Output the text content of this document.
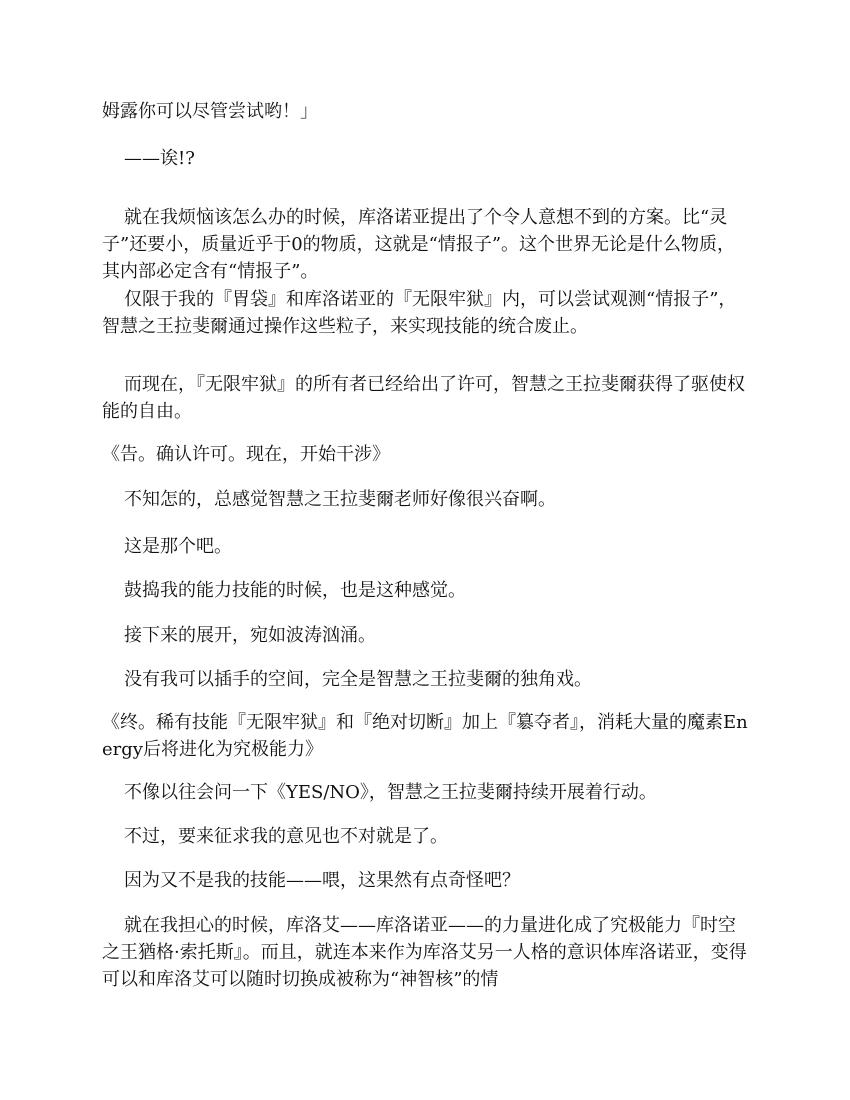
姆露你可以尽管尝试哟！」

——诶!?

就在我烦恼该怎么办的时候，库洛诺亚提出了个令人意想不到的方案。比“灵子”还要小，质量近乎于0的物质，这就是“情报子”。这个世界无论是什么物质，其内部必定含有“情报子”。

仅限于我的『胃袋』和库洛诺亚的『无限牢狱』内，可以尝试观测“情报子”，智慧之王拉斐爾通过操作这些粒子，来实现技能的统合废止。

而现在，『无限牢狱』的所有者已经给出了许可，智慧之王拉斐爾获得了驱使权能的自由。

《告。确认许可。现在，开始干涉》

不知怎的，总感觉智慧之王拉斐爾老师好像很兴奋啊。

这是那个吧。

鼓捣我的能力技能的时候，也是这种感觉。

接下来的展开，宛如波涛汹涌。

没有我可以插手的空间，完全是智慧之王拉斐爾的独角戏。

《终。稀有技能『无限牢狱』和『绝对切断』加上『簒夺者』，消耗大量的魔素Energy后将进化为究极能力》

不像以往会问一下《YES/NO》，智慧之王拉斐爾持续开展着行动。

不过，要来征求我的意见也不对就是了。

因为又不是我的技能——喂，这果然有点奇怪吧？

就在我担心的时候，库洛艾——库洛诺亚——的力量进化成了究极能力『时空之王猶格·索托斯』。而且，就连本来作为库洛艾另一人格的意识体库洛诺亚，变得可以和库洛艾可以随时切换成被称为“神智核”的情
